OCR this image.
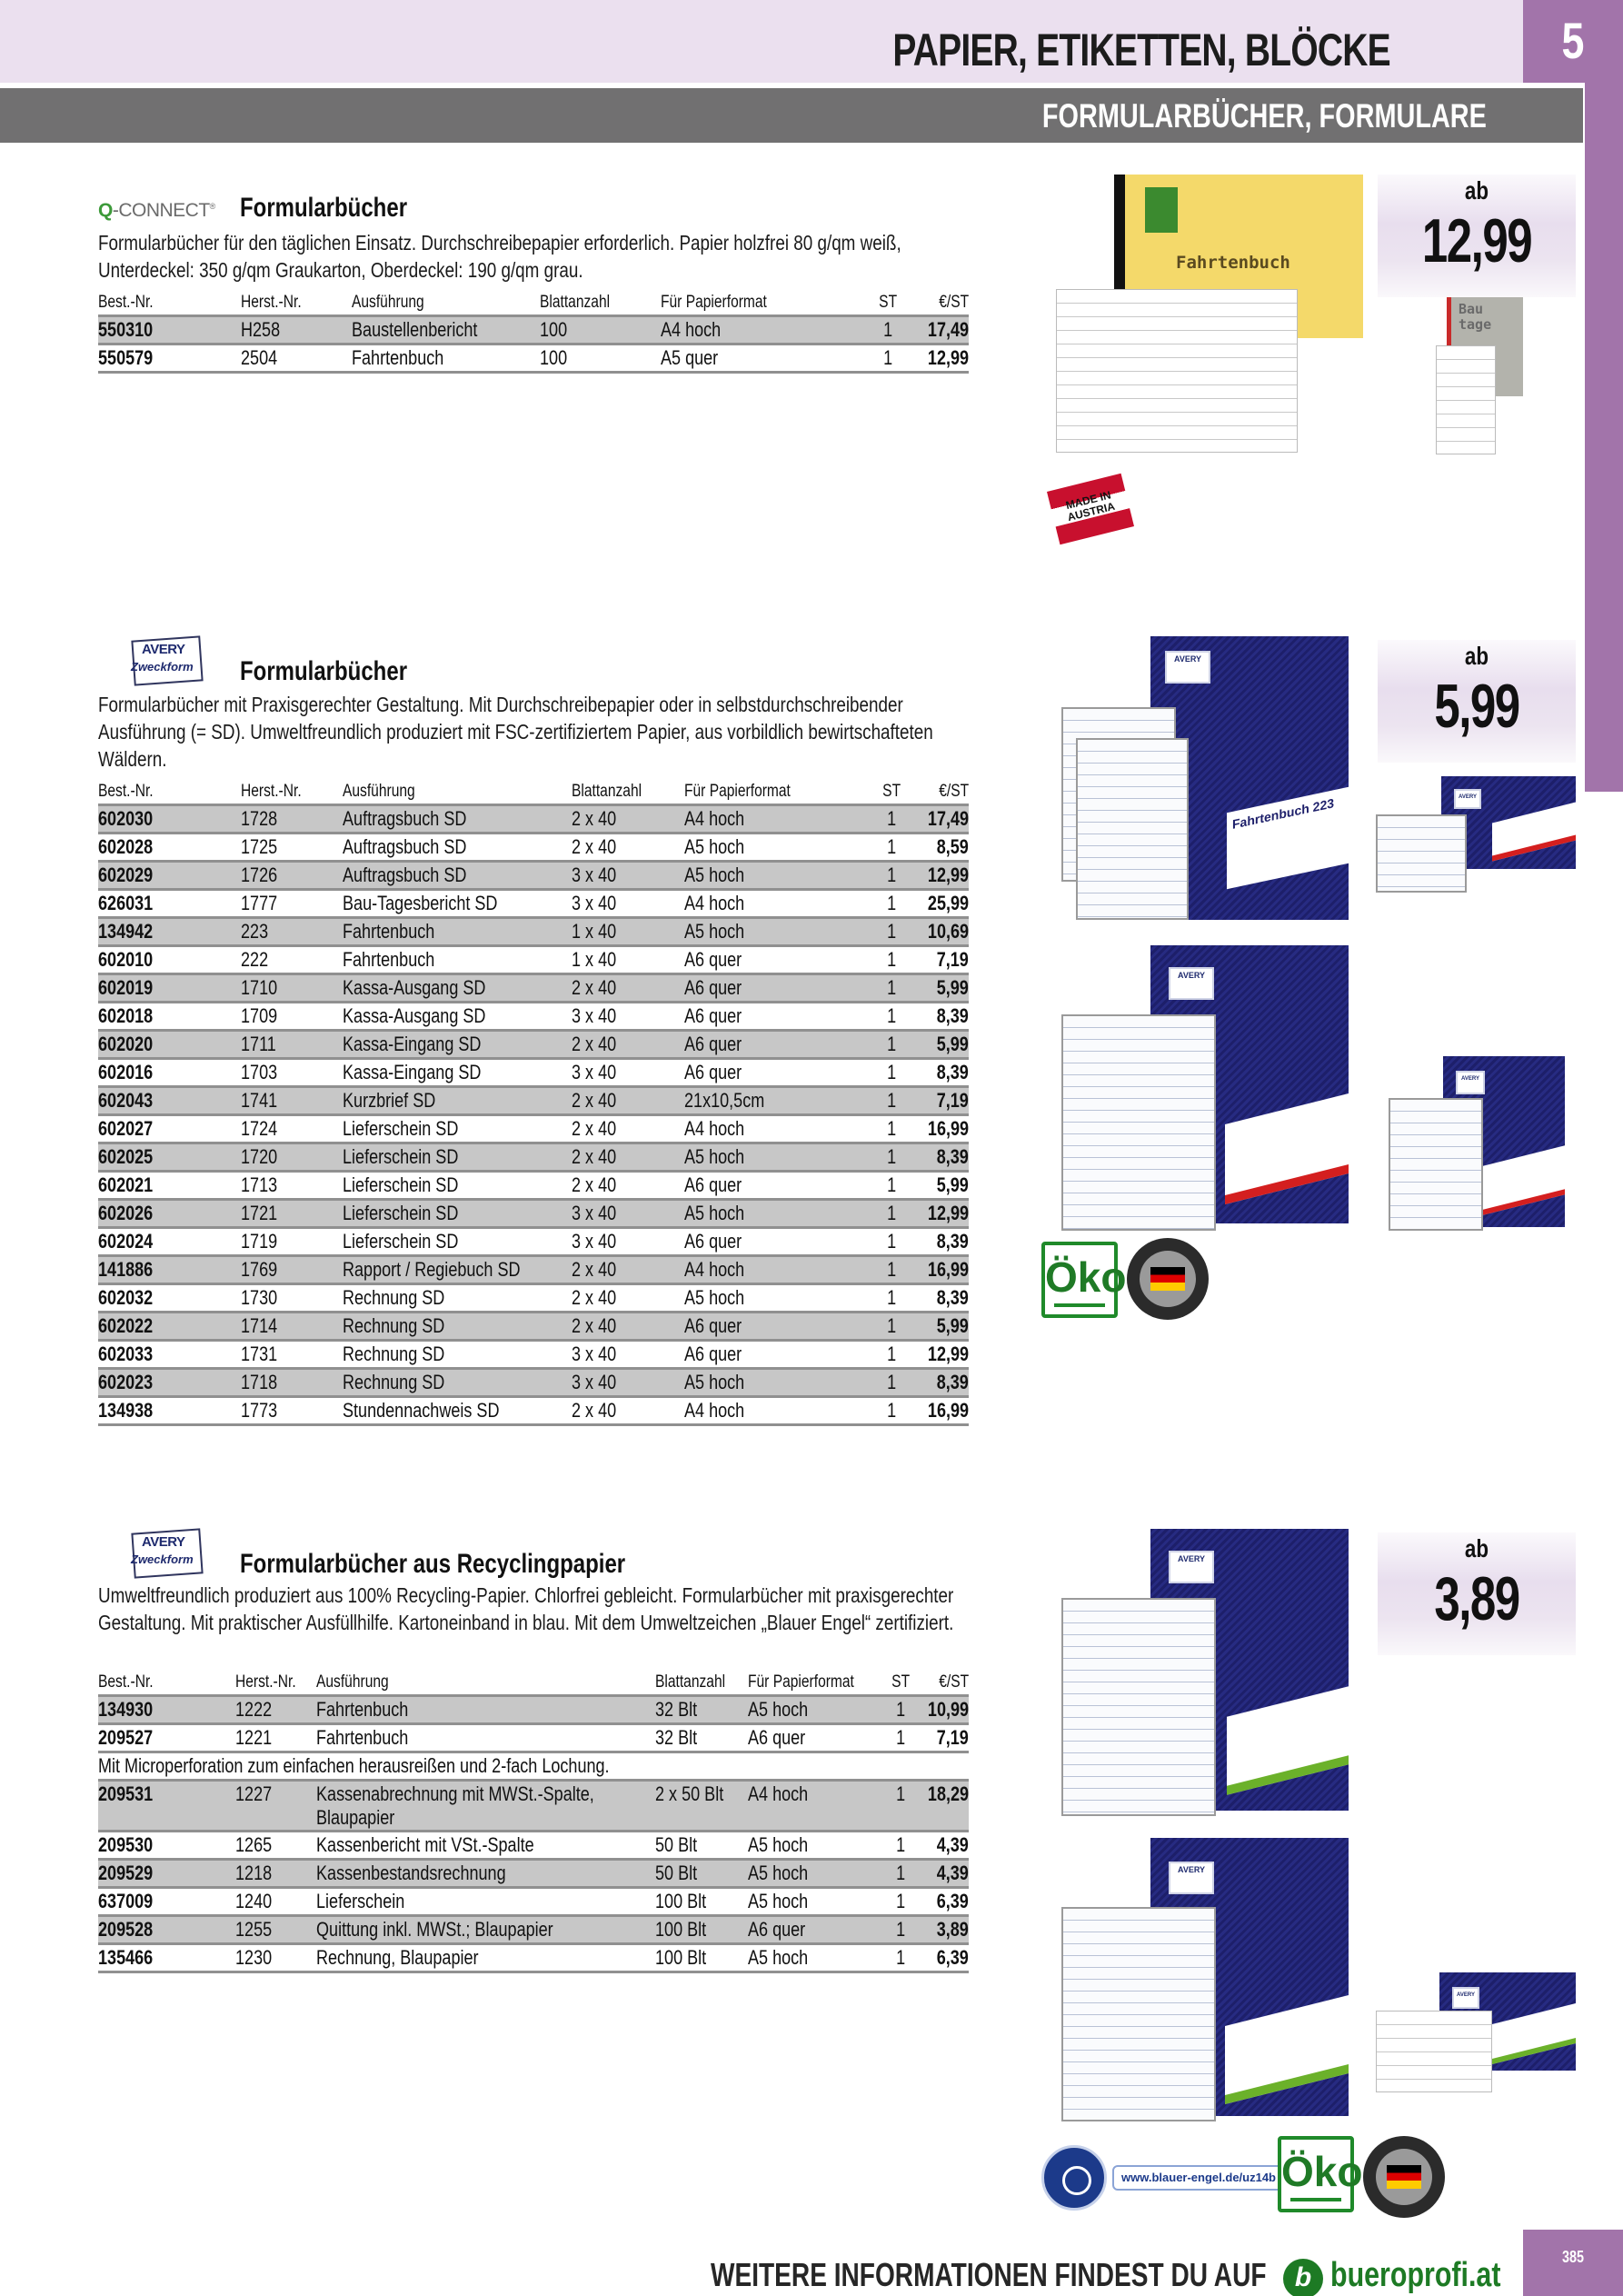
PAPIER, ETIKETTEN, BLÖCKE	5
FORMULARBÜCHER, FORMULARE
Q-CONNECT® Formularbücher
Formularbücher für den täglichen Einsatz. Durchschreibepapier erforderlich. Papier holzfrei 80 g/qm weiß, Unterdeckel: 350 g/qm Graukarton, Oberdeckel: 190 g/qm grau.
Best.-Nr.	Herst.-Nr.	Ausführung	Blattanzahl	Für Papierformat	ST	€/ST
550310	H258	Baustellenbericht	100	A4 hoch	1	17,49
550579	2504	Fahrtenbuch	100	A5 quer	1	12,99
Fahrtenbuch
Bau tage
MADE IN AUSTRIA
ab
12,99
AVERY
Zweckform Formularbücher
Formularbücher mit Praxisgerechter Gestaltung. Mit Durchschreibepapier oder in selbstdurchschreibender Ausführung (= SD). Umweltfreundlich produziert mit FSC-zertifiziertem Papier, aus vorbildlich bewirtschafteten Wäldern.
Best.-Nr.	Herst.-Nr.	Ausführung	Blattanzahl	Für Papierformat	ST	€/ST
602030	1728	Auftragsbuch SD	2 x 40	A4 hoch	1	17,49
602028	1725	Auftragsbuch SD	2 x 40	A5 hoch	1	8,59
602029	1726	Auftragsbuch SD	3 x 40	A5 hoch	1	12,99
626031	1777	Bau-Tagesbericht SD	3 x 40	A4 hoch	1	25,99
134942	223	Fahrtenbuch	1 x 40	A5 hoch	1	10,69
602010	222	Fahrtenbuch	1 x 40	A6 quer	1	7,19
602019	1710	Kassa-Ausgang SD	2 x 40	A6 quer	1	5,99
602018	1709	Kassa-Ausgang SD	3 x 40	A6 quer	1	8,39
602020	1711	Kassa-Eingang SD	2 x 40	A6 quer	1	5,99
602016	1703	Kassa-Eingang SD	3 x 40	A6 quer	1	8,39
602043	1741	Kurzbrief SD	2 x 40	21x10,5cm	1	7,19
602027	1724	Lieferschein SD	2 x 40	A4 hoch	1	16,99
602025	1720	Lieferschein SD	2 x 40	A5 hoch	1	8,39
602021	1713	Lieferschein SD	2 x 40	A6 quer	1	5,99
602026	1721	Lieferschein SD	3 x 40	A5 hoch	1	12,99
602024	1719	Lieferschein SD	3 x 40	A6 quer	1	8,39
141886	1769	Rapport / Regiebuch SD	2 x 40	A4 hoch	1	16,99
602032	1730	Rechnung SD	2 x 40	A5 hoch	1	8,39
602022	1714	Rechnung SD	2 x 40	A6 quer	1	5,99
602033	1731	Rechnung SD	3 x 40	A6 quer	1	12,99
602023	1718	Rechnung SD	3 x 40	A5 hoch	1	8,39
134938	1773	Stundennachweis SD	2 x 40	A4 hoch	1	16,99
AVERY
Fahrtenbuch 223	AVERY
AVERY
AVERY
Öko
ab
5,99
AVERY
Zweckform Formularbücher aus Recyclingpapier
Umweltfreundlich produziert aus 100% Recycling-Papier. Chlorfrei gebleicht. Formularbücher mit praxisgerechter Gestaltung. Mit praktischer Ausfüllhilfe. Kartoneinband in blau. Mit dem Umweltzeichen „Blauer Engel“ zertifiziert.
Best.-Nr.	Herst.-Nr.	Ausführung	Blattanzahl	Für Papierformat	ST	€/ST
134930	1222	Fahrtenbuch	32 Blt	A5 hoch	1	10,99
209527	1221	Fahrtenbuch	32 Blt	A6 quer	1	7,19
Mit Microperforation zum einfachen herausreißen und 2-fach Lochung.						
209531	1227	Kassenabrechnung mit MWSt.-Spalte,
Blaupapier	2 x 50 Blt	A4 hoch	1	18,29
209530	1265	Kassenbericht mit VSt.-Spalte	50 Blt	A5 hoch	1	4,39
209529	1218	Kassenbestandsrechnung	50 Blt	A5 hoch	1	4,39
637009	1240	Lieferschein	100 Blt	A5 hoch	1	6,39
209528	1255	Quittung inkl. MWSt.; Blaupapier	100 Blt	A6 quer	1	3,89
135466	1230	Rechnung, Blaupapier	100 Blt	A5 hoch	1	6,39
AVERY
AVERY
AVERY
www.blauer-engel.de/uz14b Öko
ab
3,89
WEITERE INFORMATIONEN FINDEST DU AUF	b bueroprofi.at	385
